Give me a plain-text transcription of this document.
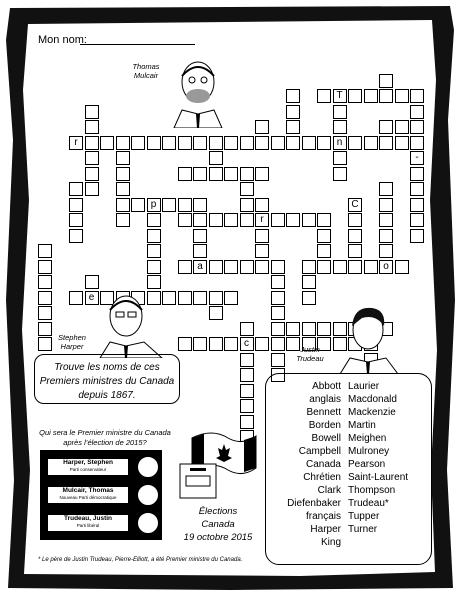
Mon nom:
T
r	n
-
p	C
r
a	o
e
c
Thomas
Mulcair
Stephen
Harper	Justin
Trudeau
Trouve les noms de ces Premiers ministres du Canada depuis 1867.
Qui sera le Premier ministre du Canada après l’élection de 2015?
Harper, Stephen
Parti conservateur
Mulcair, Thomas
Nouveau Parti démocratique
Trudeau, Justin
Parti libéral
Élections
Canada
19 octobre 2015
Abbott
anglais
Bennett
Borden
Bowell
Campbell
Canada
Chrétien
Clark
Diefenbaker
français
Harper
King
Laurier
Macdonald
Mackenzie
Martin
Meighen
Mulroney
Pearson
Saint-Laurent
Thompson
Trudeau*
Tupper
Turner
* Le père de Justin Trudeau, Pierre-Elliott, a été Premier ministre du Canada.
